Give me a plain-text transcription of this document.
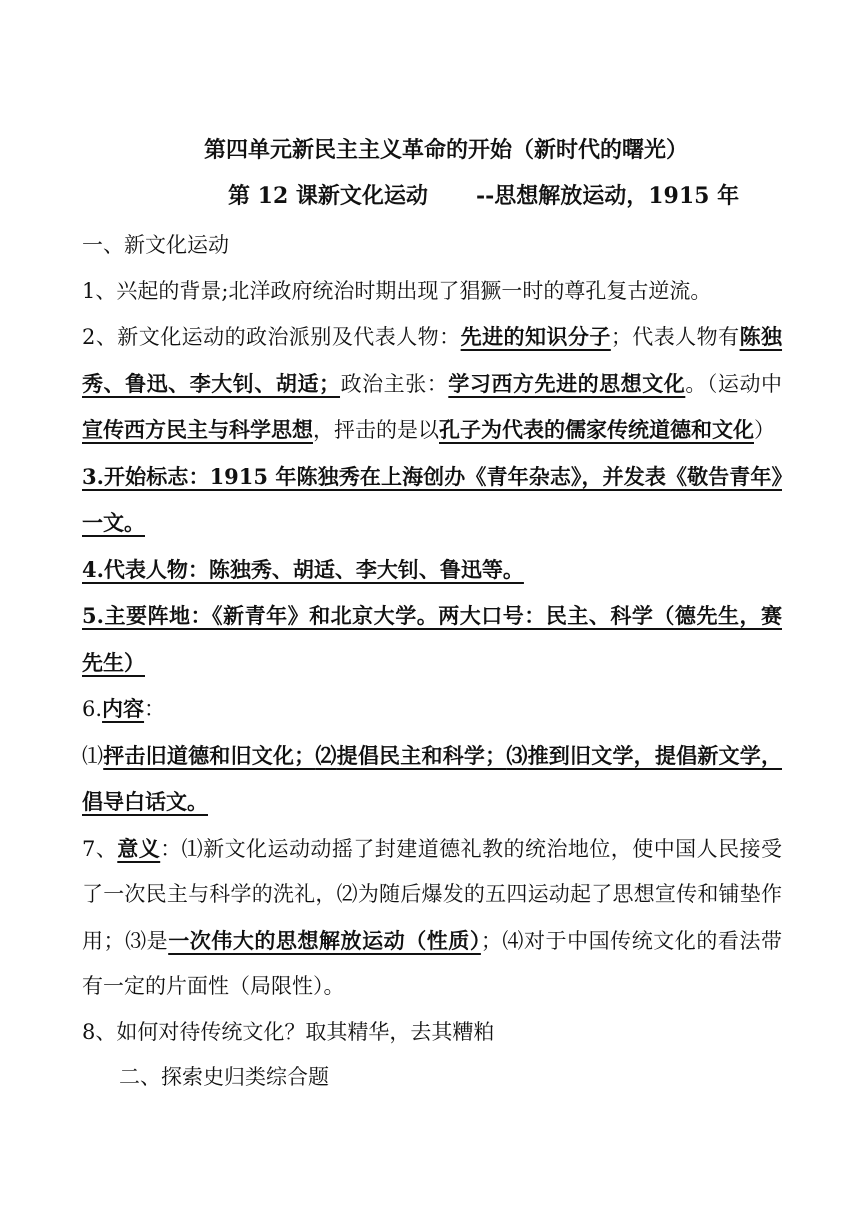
第四单元新民主主义革命的开始（新时代的曙光）
第 12 课新文化运动 --思想解放运动，1915 年

一、新文化运动

1、兴起的背景;北洋政府统治时期出现了猖獗一时的尊孔复古逆流。

2、新文化运动的政治派别及代表人物：先进的知识分子；代表人物有陈独秀、鲁迅、李大钊、胡适；政治主张：学习西方先进的思想文化。（运动中宣传西方民主与科学思想，抨击的是以孔子为代表的儒家传统道德和文化）

3.开始标志：1915 年陈独秀在上海创办《青年杂志》，并发表《敬告青年》一文。

4.代表人物：陈独秀、胡适、李大钊、鲁迅等。

5.主要阵地：《新青年》和北京大学。两大口号：民主、科学（德先生，赛先生）

6.内容：

⑴抨击旧道德和旧文化；⑵提倡民主和科学；⑶推到旧文学，提倡新文学，倡导白话文。

7、意义：⑴新文化运动动摇了封建道德礼教的统治地位，使中国人民接受了一次民主与科学的洗礼，⑵为随后爆发的五四运动起了思想宣传和铺垫作用；⑶是一次伟大的思想解放运动（性质）；⑷对于中国传统文化的看法带有一定的片面性（局限性）。

8、如何对待传统文化？取其精华，去其糟粕

二、探索史归类综合题
